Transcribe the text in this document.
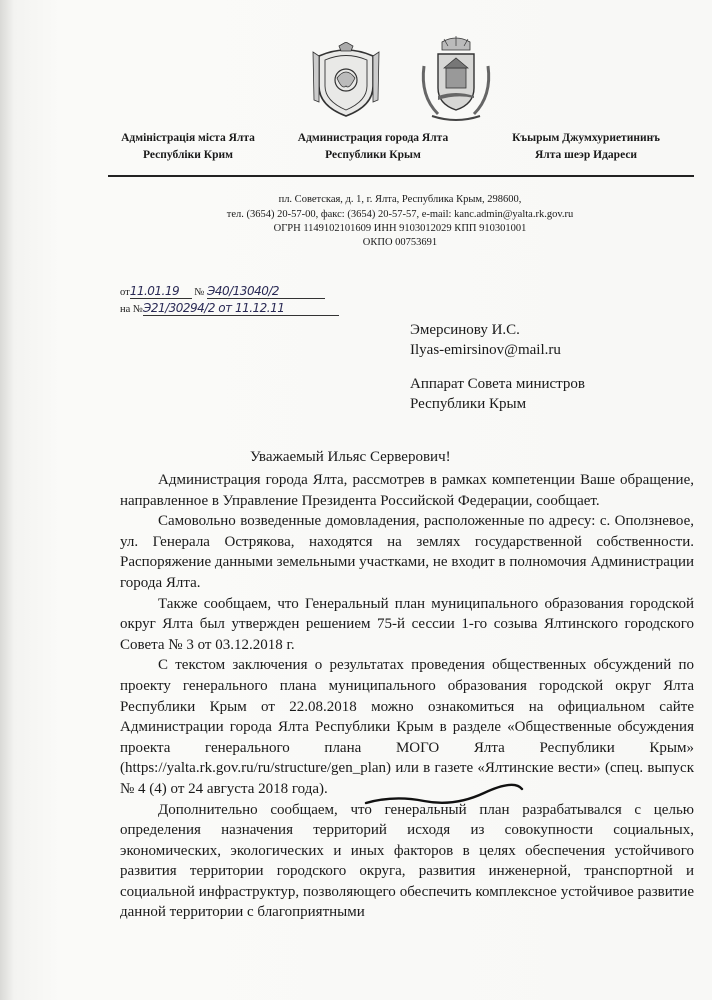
Адміністрація міста Ялта
Республіки Крим
Администрация города Ялта
Республики Крым
Къырым Джумхуриетининъ
Ялта шеэр Идареси
пл. Советская, д. 1, г. Ялта, Республика Крым, 298600,
тел. (3654) 20-57-00, факс: (3654) 20-57-57, e-mail: kanc.admin@yalta.rk.gov.ru
ОГРН 1149102101609 ИНН 9103012029 КПП 910301001
ОКПО 00753691
от11.01.19 № Э40/13040/2
на №Э21/30294/2 от 11.12.11
Эмерсинову И.С.
Ilyas-emirsinov@mail.ru
Аппарат Совета министров
Республики Крым
Уважаемый Ильяс Серверович!

Администрация города Ялта, рассмотрев в рамках компетенции Ваше обращение, направленное в Управление Президента Российской Федерации, сообщает.

Самовольно возведенные домовладения, расположенные по адресу: с. Оползневое, ул. Генерала Острякова, находятся на землях государственной собственности. Распоряжение данными земельными участками, не входит в полномочия Администрации города Ялта.

Также сообщаем, что Генеральный план муниципального образования городской округ Ялта был утвержден решением 75-й сессии 1-го созыва Ялтинского городского Совета № 3 от 03.12.2018 г.

С текстом заключения о результатах проведения общественных обсуждений по проекту генерального плана муниципального образования городской округ Ялта Республики Крым от 22.08.2018 можно ознакомиться на официальном сайте Администрации города Ялта Республики Крым в разделе «Общественные обсуждения проекта генерального плана МОГО Ялта Республики Крым» (https://yalta.rk.gov.ru/ru/structure/gen_plan) или в газете «Ялтинские вести» (спец. выпуск № 4 (4) от 24 августа 2018 года).

Дополнительно сообщаем, что генеральный план разрабатывался с целью определения назначения территорий исходя из совокупности социальных, экономических, экологических и иных факторов в целях обеспечения устойчивого развития территории городского округа, развития инженерной, транспортной и социальной инфраструктур, позволяющего обеспечить комплексное устойчивое развитие данной территории с благоприятными
